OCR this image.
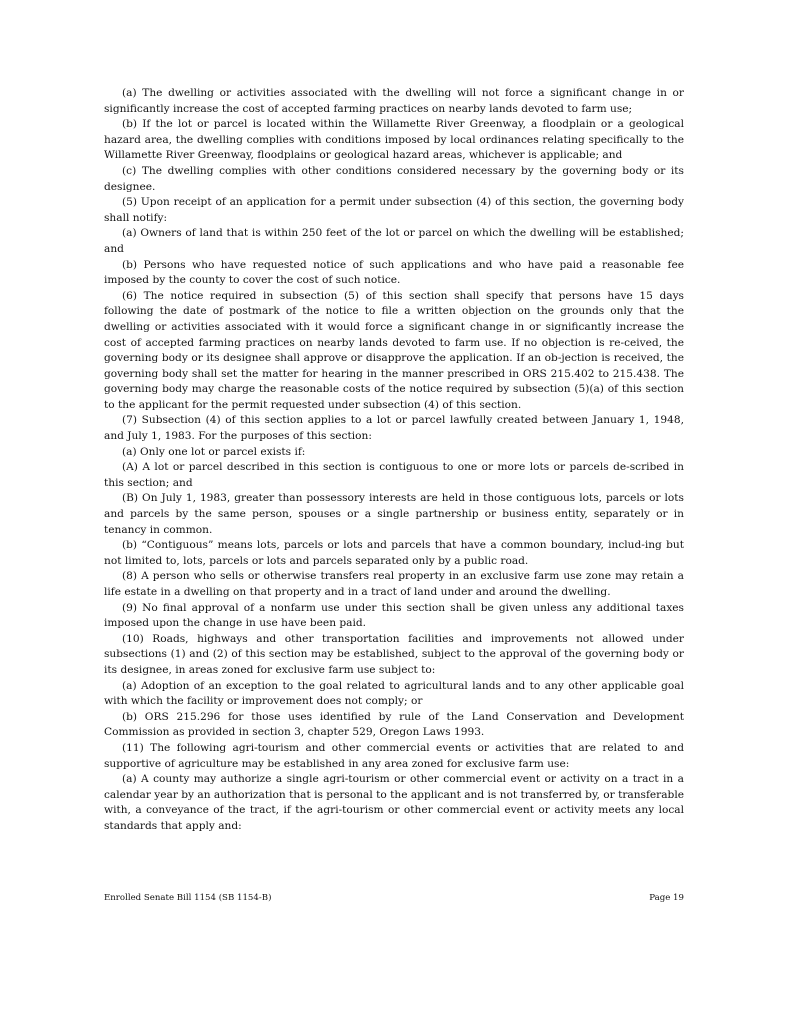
(a) The dwelling or activities associated with the dwelling will not force a significant change in or significantly increase the cost of accepted farming practices on nearby lands devoted to farm use;

(b) If the lot or parcel is located within the Willamette River Greenway, a floodplain or a geological hazard area, the dwelling complies with conditions imposed by local ordinances relating specifically to the Willamette River Greenway, floodplains or geological hazard areas, whichever is applicable; and

(c) The dwelling complies with other conditions considered necessary by the governing body or its designee.

(5) Upon receipt of an application for a permit under subsection (4) of this section, the governing body shall notify:

(a) Owners of land that is within 250 feet of the lot or parcel on which the dwelling will be established; and

(b) Persons who have requested notice of such applications and who have paid a reasonable fee imposed by the county to cover the cost of such notice.

(6) The notice required in subsection (5) of this section shall specify that persons have 15 days following the date of postmark of the notice to file a written objection on the grounds only that the dwelling or activities associated with it would force a significant change in or significantly increase the cost of accepted farming practices on nearby lands devoted to farm use. If no objection is re-ceived, the governing body or its designee shall approve or disapprove the application. If an ob-jection is received, the governing body shall set the matter for hearing in the manner prescribed in ORS 215.402 to 215.438. The governing body may charge the reasonable costs of the notice required by subsection (5)(a) of this section to the applicant for the permit requested under subsection (4) of this section.

(7) Subsection (4) of this section applies to a lot or parcel lawfully created between January 1, 1948, and July 1, 1983. For the purposes of this section:

(a) Only one lot or parcel exists if:

(A) A lot or parcel described in this section is contiguous to one or more lots or parcels de-scribed in this section; and

(B) On July 1, 1983, greater than possessory interests are held in those contiguous lots, parcels or lots and parcels by the same person, spouses or a single partnership or business entity, separately or in tenancy in common.

(b) “Contiguous” means lots, parcels or lots and parcels that have a common boundary, includ-ing but not limited to, lots, parcels or lots and parcels separated only by a public road.

(8) A person who sells or otherwise transfers real property in an exclusive farm use zone may retain a life estate in a dwelling on that property and in a tract of land under and around the dwelling.

(9) No final approval of a nonfarm use under this section shall be given unless any additional taxes imposed upon the change in use have been paid.

(10) Roads, highways and other transportation facilities and improvements not allowed under subsections (1) and (2) of this section may be established, subject to the approval of the governing body or its designee, in areas zoned for exclusive farm use subject to:

(a) Adoption of an exception to the goal related to agricultural lands and to any other applicable goal with which the facility or improvement does not comply; or

(b) ORS 215.296 for those uses identified by rule of the Land Conservation and Development Commission as provided in section 3, chapter 529, Oregon Laws 1993.

(11) The following agri-tourism and other commercial events or activities that are related to and supportive of agriculture may be established in any area zoned for exclusive farm use:

(a) A county may authorize a single agri-tourism or other commercial event or activity on a tract in a calendar year by an authorization that is personal to the applicant and is not transferred by, or transferable with, a conveyance of the tract, if the agri-tourism or other commercial event or activity meets any local standards that apply and:

Enrolled Senate Bill 1154 (SB 1154-B)	Page 19
